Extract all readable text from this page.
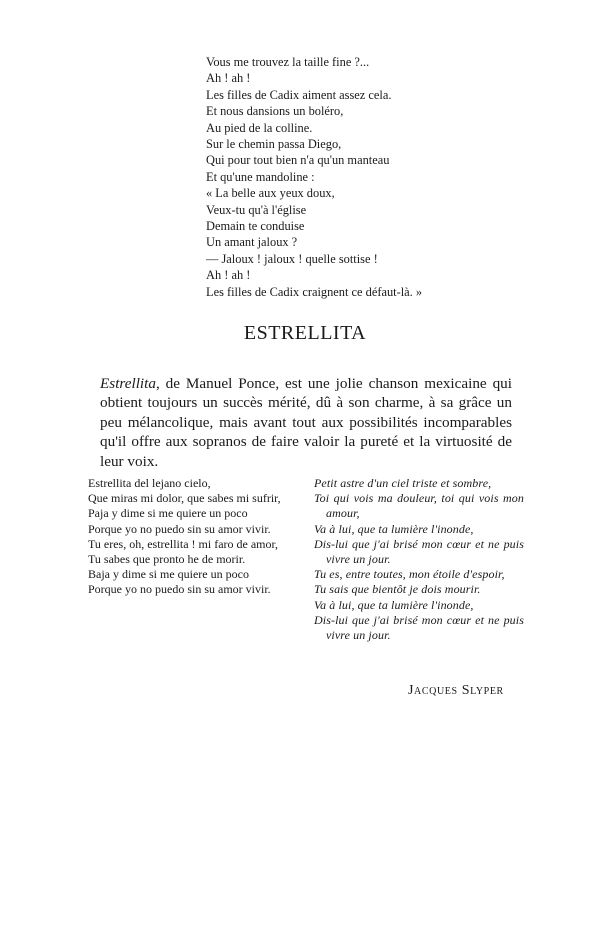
Vous me trouvez la taille fine ?...
Ah ! ah !
Les filles de Cadix aiment assez cela.
Et nous dansions un boléro,
Au pied de la colline.
Sur le chemin passa Diego,
Qui pour tout bien n'a qu'un manteau
Et qu'une mandoline :
« La belle aux yeux doux,
Veux-tu qu'à l'église
Demain te conduise
Un amant jaloux ?
— Jaloux ! jaloux ! quelle sottise !
Ah ! ah !
Les filles de Cadix craignent ce défaut-là. »
ESTRELLITA
Estrellita, de Manuel Ponce, est une jolie chanson mexicaine qui obtient toujours un succès mérité, dû à son charme, à sa grâce un peu mélancolique, mais avant tout aux possibilités incomparables qu'il offre aux sopranos de faire valoir la pureté et la virtuosité de leur voix.
Estrellita del lejano cielo,
Que miras mi dolor, que sabes mi sufrir,
Paja y dime si me quiere un poco
Porque yo no puedo sin su amor vivir.
Tu eres, oh, estrellita ! mi faro de amor,
Tu sabes que pronto he de morir.
Baja y dime si me quiere un poco
Porque yo no puedo sin su amor vivir.
Petit astre d'un ciel triste et sombre,
Toi qui vois ma douleur, toi qui vois mon amour,
Va à lui, que ta lumière l'inonde,
Dis-lui que j'ai brisé mon cœur et ne puis vivre un jour.
Tu es, entre toutes, mon étoile d'espoir,
Tu sais que bientôt je dois mourir.
Va à lui, que ta lumière l'inonde,
Dis-lui que j'ai brisé mon cœur et ne puis vivre un jour.
Jacques Slyper
